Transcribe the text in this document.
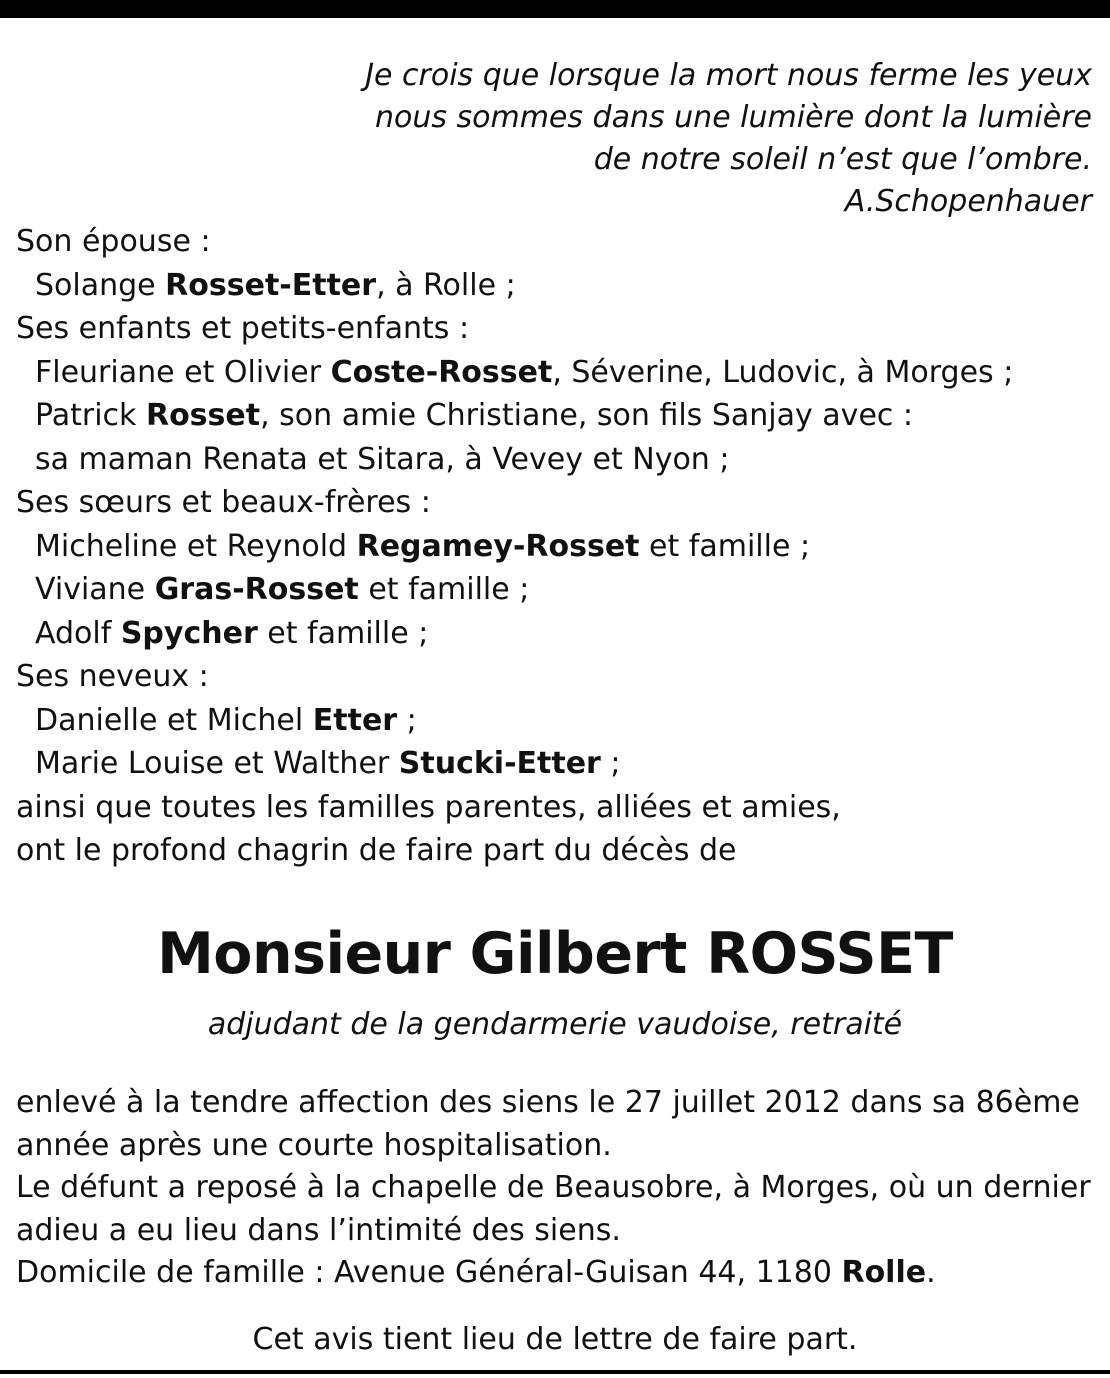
Je crois que lorsque la mort nous ferme les yeux
nous sommes dans une lumière dont la lumière
de notre soleil n’est que l’ombre.
A.Schopenhauer
Son épouse :
Solange Rosset-Etter, à Rolle ;
Ses enfants et petits-enfants :
Fleuriane et Olivier Coste-Rosset, Séverine, Ludovic, à Morges ;
Patrick Rosset, son amie Christiane, son fils Sanjay avec :
sa maman Renata et Sitara, à Vevey et Nyon ;
Ses sœurs et beaux-frères :
Micheline et Reynold Regamey-Rosset et famille ;
Viviane Gras-Rosset et famille ;
Adolf Spycher et famille ;
Ses neveux :
Danielle et Michel Etter ;
Marie Louise et Walther Stucki-Etter ;
ainsi que toutes les familles parentes, alliées et amies,
ont le profond chagrin de faire part du décès de
Monsieur Gilbert ROSSET
adjudant de la gendarmerie vaudoise, retraité
enlevé à la tendre affection des siens le 27 juillet 2012 dans sa 86ème
année après une courte hospitalisation.
Le défunt a reposé à la chapelle de Beausobre, à Morges, où un dernier
adieu a eu lieu dans l’intimité des siens.
Domicile de famille : Avenue Général-Guisan 44, 1180 Rolle.
Cet avis tient lieu de lettre de faire part.
